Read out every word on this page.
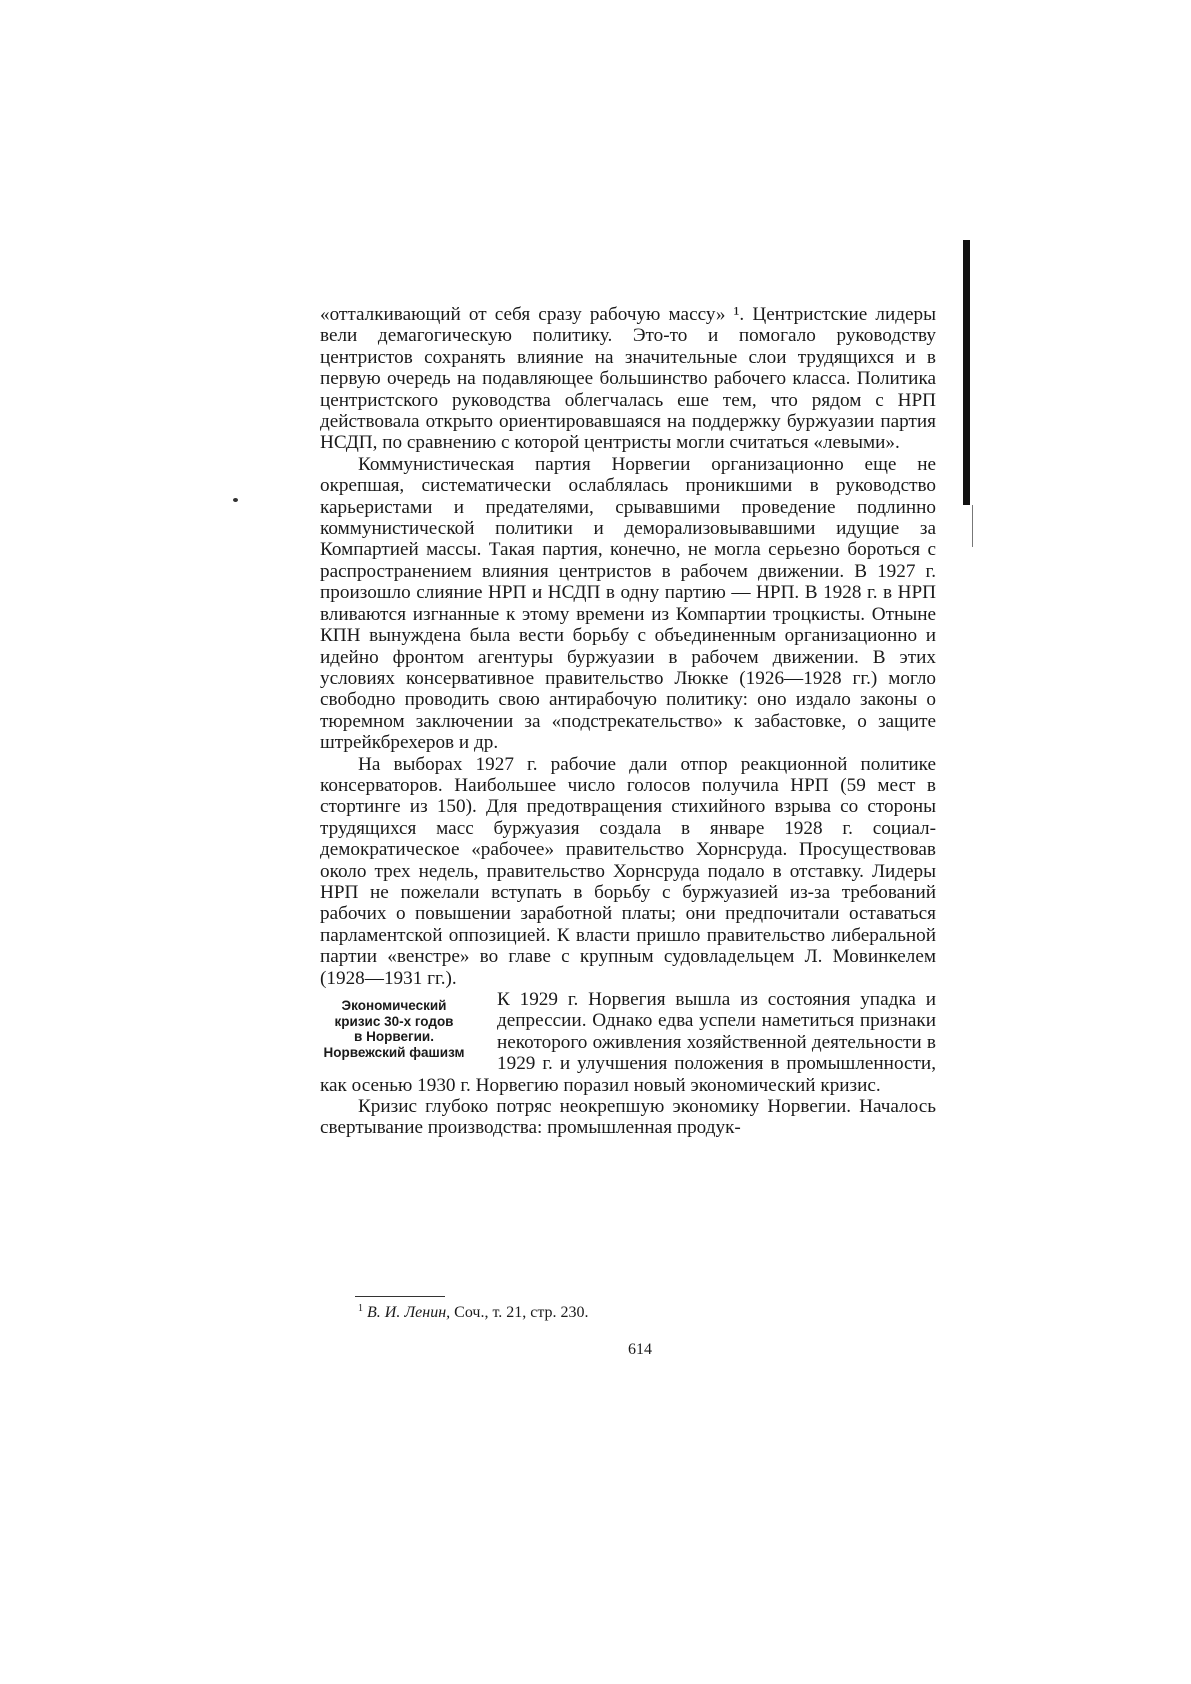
«отталкивающий от себя сразу рабочую массу» ¹. Центристские лидеры вели демагогическую политику. Это-то и помогало руководству центристов сохранять влияние на значительные слои трудящихся и в первую очередь на подавляющее большинство рабочего класса. Политика центристского руководства облегчалась еше тем, что рядом с НРП действовала открыто ориентировавшаяся на поддержку буржуазии партия НСДП, по сравнению с которой центристы могли считаться «левыми».

Коммунистическая партия Норвегии организационно еще не окрепшая, систематически ослаблялась проникшими в руководство карьеристами и предателями, срывавшими проведение подлинно коммунистической политики и деморализовывавшими идущие за Компартией массы. Такая партия, конечно, не могла серьезно бороться с распространением влияния центристов в рабочем движении. В 1927 г. произошло слияние НРП и НСДП в одну партию — НРП. В 1928 г. в НРП вливаются изгнанные к этому времени из Компартии троцкисты. Отныне КПН вынуждена была вести борьбу с объединенным организационно и идейно фронтом агентуры буржуазии в рабочем движении. В этих условиях консервативное правительство Люкке (1926—1928 гг.) могло свободно проводить свою антирабочую политику: оно издало законы о тюремном заключении за «подстрекательство» к забастовке, о защите штрейкбрехеров и др.

На выборах 1927 г. рабочие дали отпор реакционной политике консерваторов. Наибольшее число голосов получила НРП (59 мест в стортинге из 150). Для предотвращения стихийного взрыва со стороны трудящихся масс буржуазия создала в январе 1928 г. социал-демократическое «рабочее» правительство Хорнсруда. Просуществовав около трех недель, правительство Хорнсруда подало в отставку. Лидеры НРП не пожелали вступать в борьбу с буржуазией из-за требований рабочих о повышении заработной платы; они предпочитали оставаться парламентской оппозицией. К власти пришло правительство либеральной партии «венстре» во главе с крупным судовладельцем Л. Мовинкелем (1928—1931 гг.).

Экономический
кризис 30-х годов
в Норвегии.
Норвежский фашизм

К 1929 г. Норвегия вышла из состояния упадка и депрессии. Однако едва успели наметиться признаки некоторого оживления хозяйственной деятельности в 1929 г. и улучшения положения в промышленности, как осенью 1930 г. Норвегию поразил новый экономический кризис.

Кризис глубоко потряс неокрепшую экономику Норвегии. Началось свертывание производства: промышленная продук-

$^1$ В. И. Ленин, Соч., т. 21, стр. 230.
614
